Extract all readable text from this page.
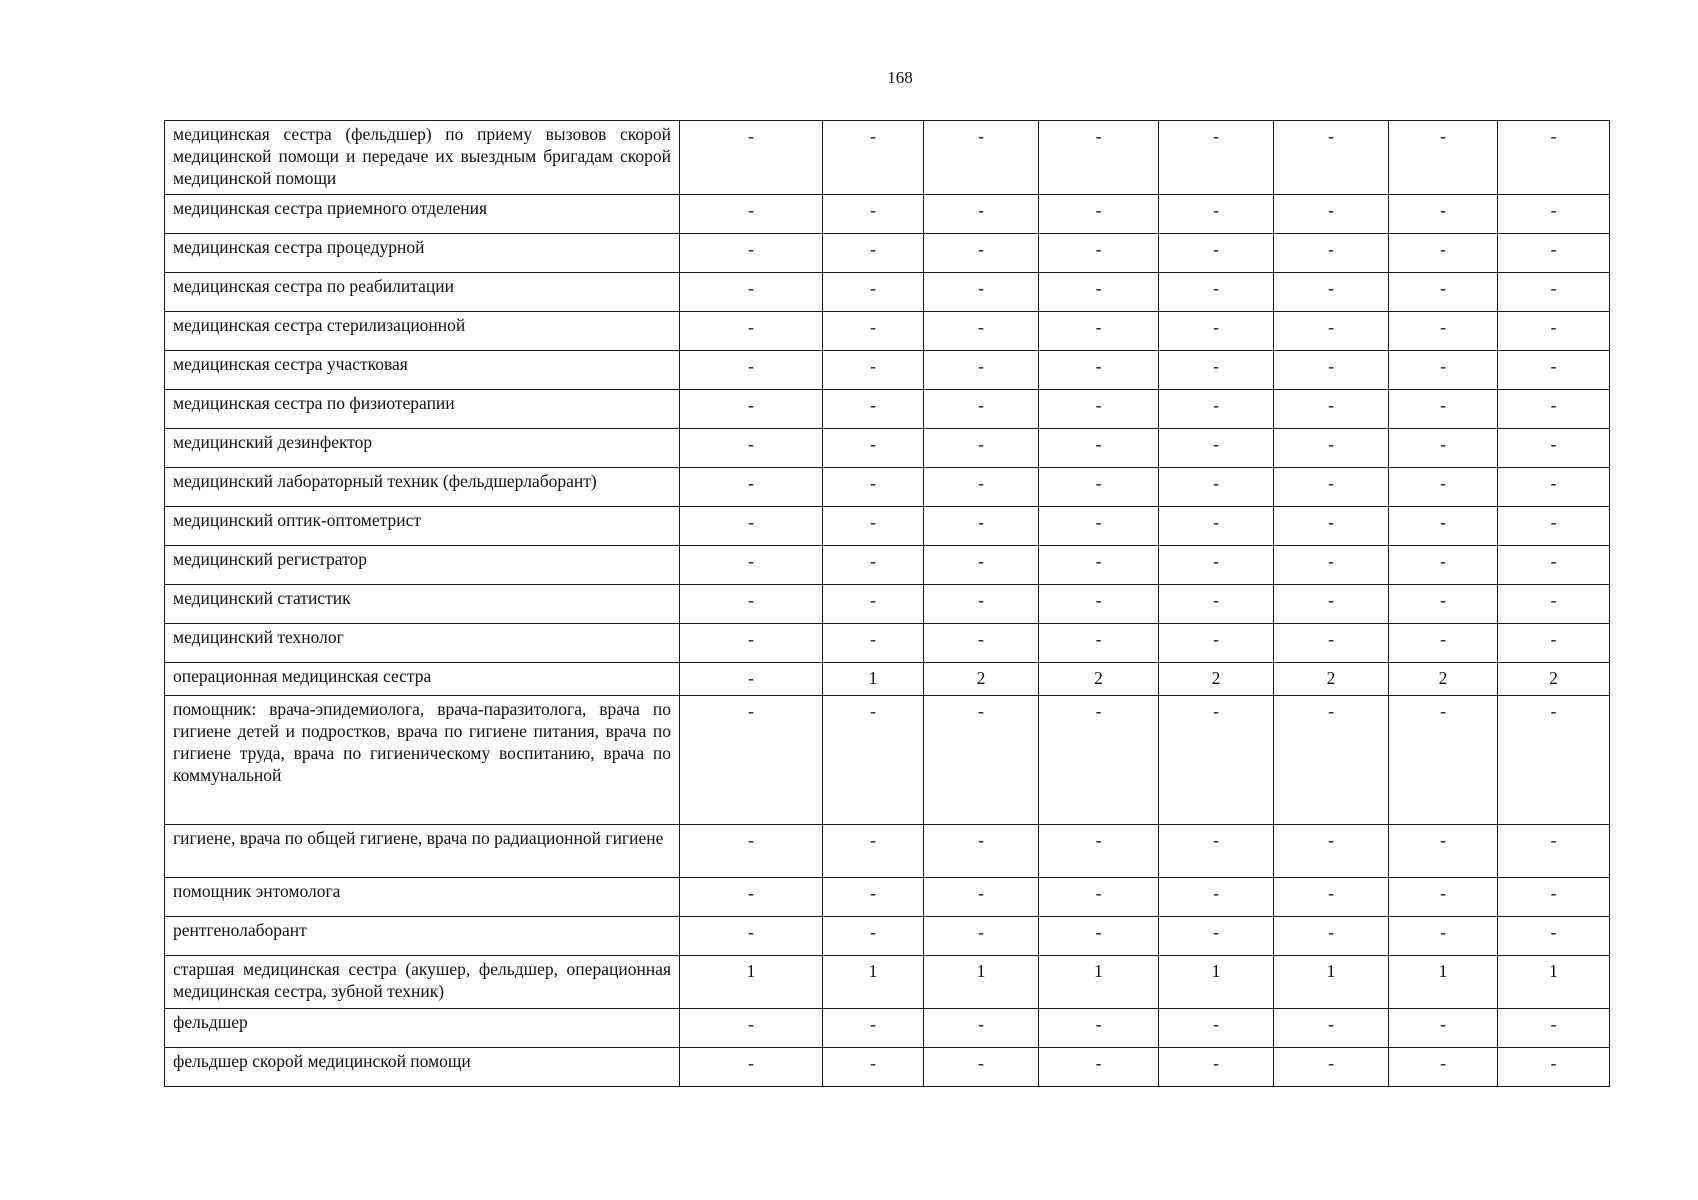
168
медицинская сестра (фельдшер) по приему вызовов скорой медицинской помощи и передаче их выездным бригадам скорой медицинской помощи	-	-	-	-	-	-	-	-
медицинская сестра приемного отделения	-	-	-	-	-	-	-	-
медицинская сестра процедурной	-	-	-	-	-	-	-	-
медицинская сестра по реабилитации	-	-	-	-	-	-	-	-
медицинская сестра стерилизационной	-	-	-	-	-	-	-	-
медицинская сестра участковая	-	-	-	-	-	-	-	-
медицинская сестра по физиотерапии	-	-	-	-	-	-	-	-
медицинский дезинфектор	-	-	-	-	-	-	-	-
медицинский лабораторный техник (фельдшерлаборант)	-	-	-	-	-	-	-	-
медицинский оптик-оптометрист	-	-	-	-	-	-	-	-
медицинский регистратор	-	-	-	-	-	-	-	-
медицинский статистик	-	-	-	-	-	-	-	-
медицинский технолог	-	-	-	-	-	-	-	-
операционная медицинская сестра	-	1	2	2	2	2	2	2
помощник: врача-эпидемиолога, врача-паразитолога, врача по гигиене детей и подростков, врача по гигиене питания, врача по гигиене труда, врача по гигиеническому воспитанию, врача по коммунальной	-	-	-	-	-	-	-	-
гигиене, врача по общей гигиене, врача по радиационной гигиене	-	-	-	-	-	-	-	-
помощник энтомолога	-	-	-	-	-	-	-	-
рентгенолаборант	-	-	-	-	-	-	-	-
старшая медицинская сестра (акушер, фельдшер, операционная медицинская сестра, зубной техник)	1	1	1	1	1	1	1	1
фельдшер	-	-	-	-	-	-	-	-
фельдшер скорой медицинской помощи	-	-	-	-	-	-	-	-
